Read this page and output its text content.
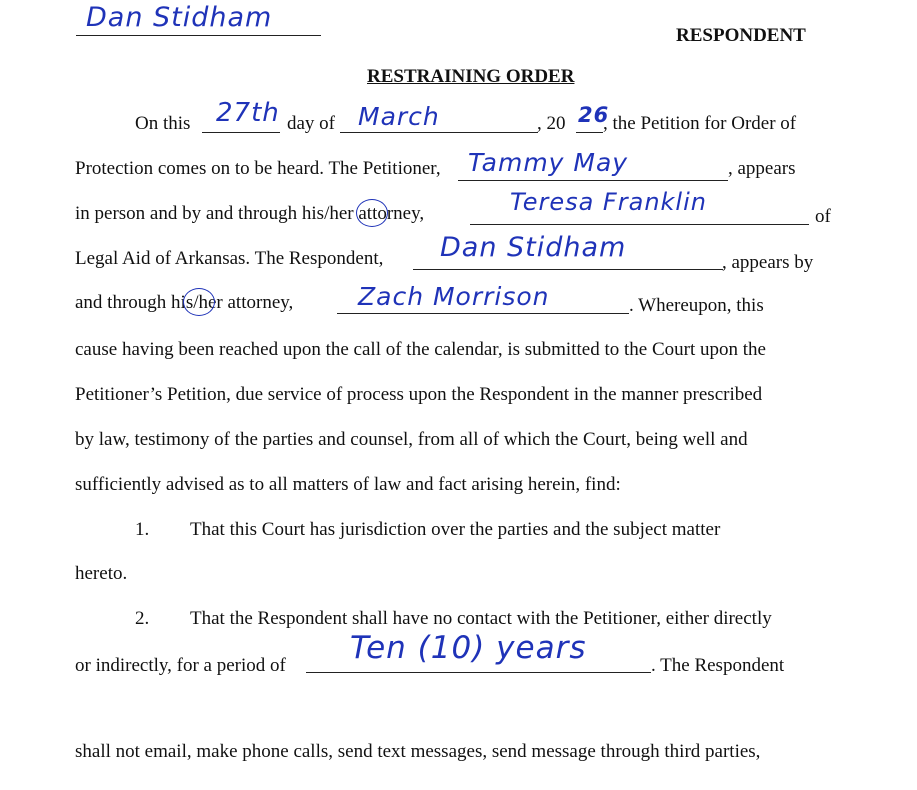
Dan Stidham
RESPONDENT
RESTRAINING ORDER
On this 27th day of March	, 20 26
, the Petition for Order of
Protection comes on to be heard. The Petitioner, Tammy May	, appears
in person and by and through his/her attorney,	Teresa Franklin
of
Legal Aid of Arkansas. The Respondent, Dan Stidham	, appears by
and through his/her attorney,	Zach Morrison	. Whereupon, this
cause having been reached upon the call of the calendar, is submitted to the Court upon the
Petitioner’s Petition, due service of process upon the Respondent in the manner prescribed
by law, testimony of the parties and counsel, from all of which the Court, being well and
sufficiently advised as to all matters of law and fact arising herein, find:
1. That this Court has jurisdiction over the parties and the subject matter
hereto.
2. That the Respondent shall have no contact with the Petitioner, either directly
or indirectly, for a period of Ten (10) years	. The Respondent
shall not email, make phone calls, send text messages, send message through third parties,
